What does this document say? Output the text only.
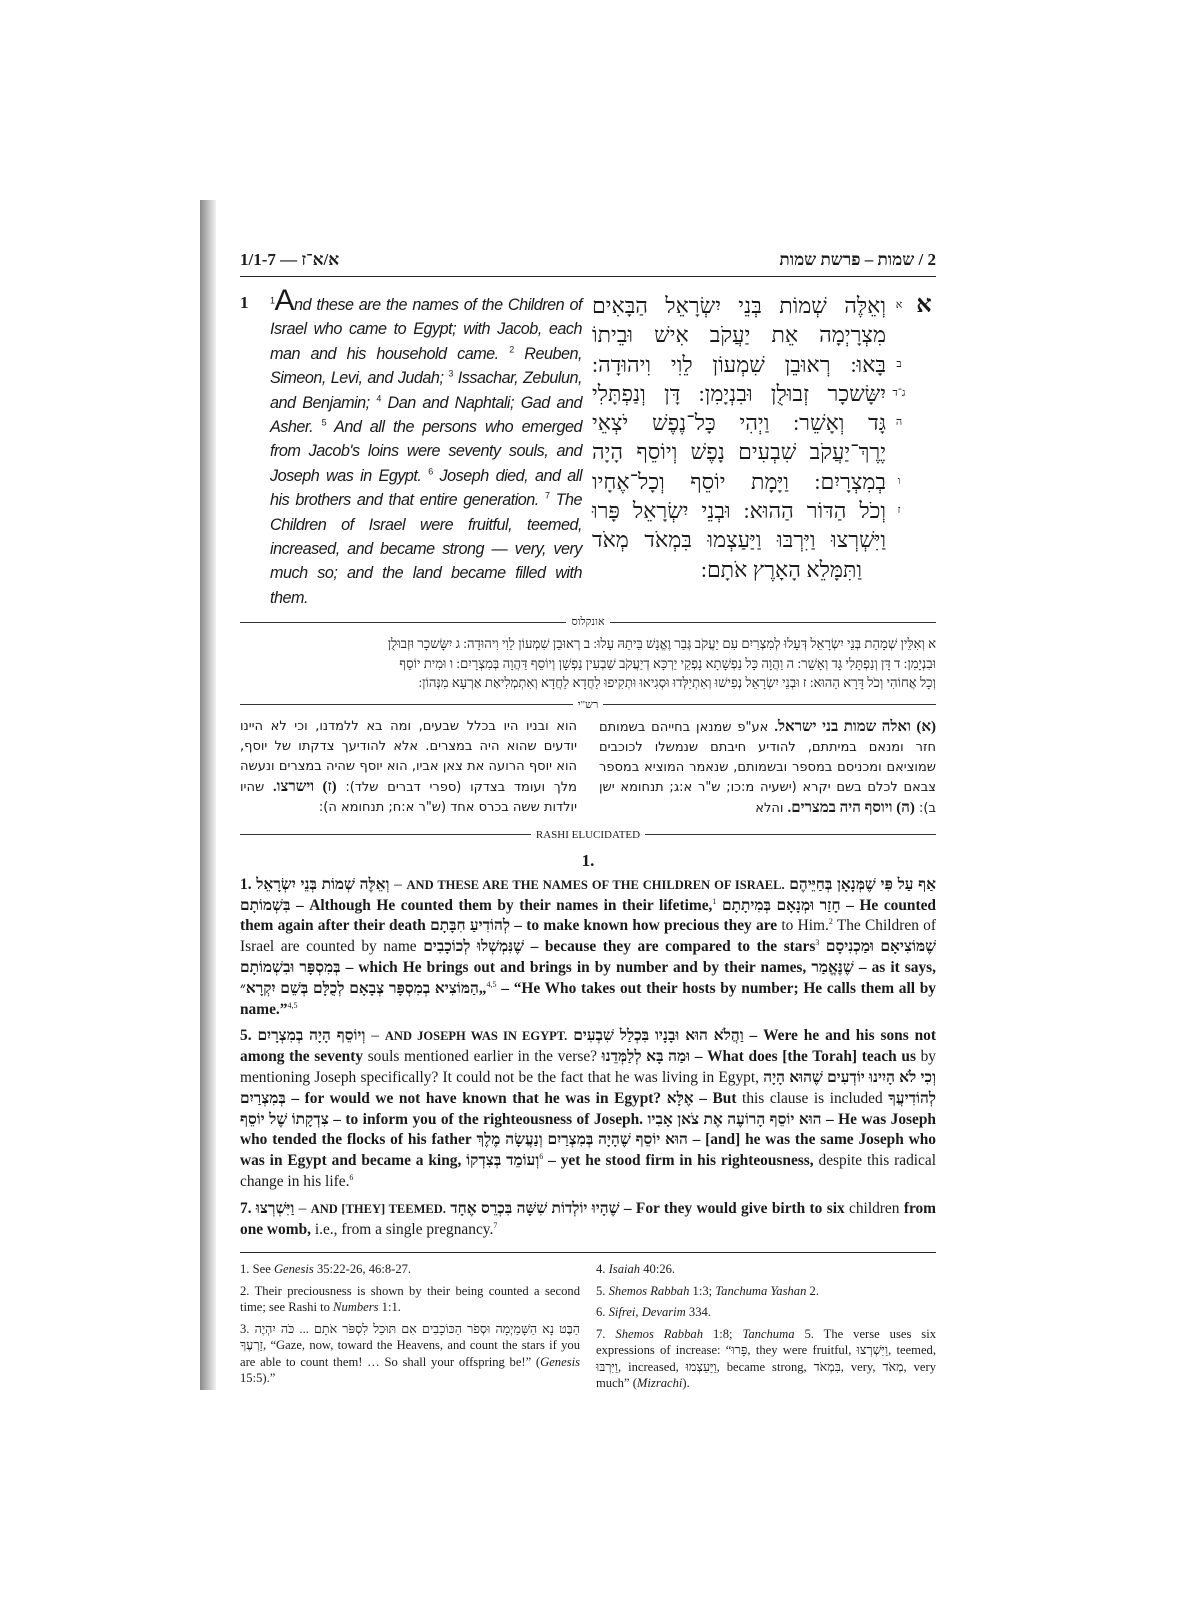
1/1-7 — א/א־ז	2 / שמות – פרשת שמות
1	$^1$And these are the names of the Children of Israel who came to Egypt; with Jacob, each man and his household came. $^2$ Reuben, Simeon, Levi, and Judah; $^3$ Issachar, Zebulun, and Benjamin; $^4$ Dan and Naphtali; Gad and Asher. $^5$ And all the persons who emerged from Jacob's loins were seventy souls, and Joseph was in Egypt. $^6$ Joseph died, and all his brothers and that entire generation. $^7$ The Children of Israel were fruitful, teemed, increased, and became strong — very, very much so; and the land became filled with them.
א
א
וְאֵלֶּה שְׁמוֹת בְּנֵי יִשְׂרָאֵל הַבָּאִים
מִצְרָיְמָה אֵת יַעֲקֹב אִישׁ וּבֵיתוֹ
ב
בָּאוּ: רְאוּבֵן שִׁמְעוֹן לֵוִי וִיהוּדָה:
ג־ד
יִשָּׂשכָר זְבוּלֻן וּבִנְיָמִן: דָּן וְנַפְתָּלִי
ה
גָּד וְאָשֵׁר: וַיְהִי כָּל־נֶפֶשׁ יֹצְאֵי
יֶרֶךְ־יַעֲקֹב שִׁבְעִים נָפֶשׁ וְיוֹסֵף הָיָה
ו
בְמִצְרָיִם: וַיָּמָת יוֹסֵף וְכָל־אֶחָיו
ז
וְכֹל הַדּוֹר הַהוּא: וּבְנֵי יִשְׂרָאֵל פָּרוּ
וַיִּשְׁרְצוּ וַיִּרְבּוּ וַיַּעַצְמוּ בִּמְאֹד מְאֹד
וַתִּמָּלֵא הָאָרֶץ אֹתָם:
אונקלוס
א וְאִלֵּין שְׁמָהַת בְּנֵי יִשְׂרָאֵל דְּעָלוּ לְמִצְרַיִם עִם יַעֲקֹב גְּבַר וֶאֱנָשׁ בֵּיתֵהּ עָלוּ: ב רְאוּבֵן שִׁמְעוֹן לֵוִי וִיהוּדָה: ג יִשָּׂשכָר וּזְבוּלֻן
וּבִנְיָמִן: ד דָּן וְנַפְתָּלִי גָּד וְאָשֵׁר: ה וַהֲוָה כָּל נַפְשָׁתָא נָפְקֵי יַרְכָּא דְיַעֲקֹב שַׁבְעִין נַפְשָׁן וְיוֹסֵף דַּהֲוָה בְּמִצְרָיִם: ו וּמִית יוֹסֵף
וְכָל אֲחוֹהִי וְכֹל דָּרָא הַהוּא: ז וּבְנֵי יִשְׂרָאֵל נְפִישׁוּ וְאִתְיַלְּדוּ וּסְגִיאוּ וּתְקִיפוּ לַחֲדָא לַחֲדָא וְאִתְמְלִיאַת אַרְעָא מִנְּהוֹן:
רש"י

(א) ואלה שמות בני ישראל. אע"פ שמנאן בחייהם בשמותם חזר ומנאם במיתתם, להודיע חיבתם שנמשלו לכוכבים שמוציאם ומכניסם במספר ובשמותם, שנאמר המוציא במספר צבאם לכלם בשם יקרא (ישעיה מ:כו; ש"ר א:ג; תנחומא ישן ב): (ה) ויוסף היה במצרים. והלא

הוא ובניו היו בכלל שבעים, ומה בא ללמדנו, וכי לא היינו יודעים שהוא היה במצרים. אלא להודיעך צדקתו של יוסף, הוא יוסף הרועה את צאן אביו, הוא יוסף שהיה במצרים ונעשה מלך ועומד בצדקו (ספרי דברים שלד): (ז) וישרצו. שהיו יולדות ששה בכרס אחד (ש"ר א:ח; תנחומא ה):

RASHI ELUCIDATED
1.

1. וְאֵלֶּה שְׁמוֹת בְּנֵי יִשְׂרָאֵל – AND THESE ARE THE NAMES OF THE CHILDREN OF ISRAEL. אַף עַל פִּי שֶׁמְּנָאָן בְּחַיֵּיהֶם בִּשְׁמוֹתָם – Although He counted them by their names in their lifetime,$^1$ חָזַר וּמְנָאָם בְּמִיתָתָם – He counted them again after their death לְהוֹדִיעַ חִבָּתָם – to make known how precious they are to Him.$^2$ The Children of Israel are counted by name שֶׁנִּמְשְׁלוּ לְכוֹכָבִים – because they are compared to the stars$^3$ שֶׁמּוֹצִיאָם וּמַכְנִיסָם בְּמִסְפָּר וּבִשְׁמוֹתָם – which He brings out and brings in by number and by their names, שֶׁנֶּאֱמַר – as it says, „הַמּוֹצִיא בְמִסְפָּר צְבָאָם לְכֻלָּם בְּשֵׁם יִקְרָא״$^{4,5}$ – “He Who takes out their hosts by number; He calls them all by name.”$^{4,5}$

5. וְיוֹסֵף הָיָה בְמִצְרָיִם – AND JOSEPH WAS IN EGYPT. וַהֲלֹא הוּא וּבָנָיו בִּכְלַל שִׁבְעִים – Were he and his sons not among the seventy souls mentioned earlier in the verse? וּמַה בָּא לְלַמְּדֵנוּ – What does [the Torah] teach us by mentioning Joseph specifically? It could not be the fact that he was living in Egypt, וְכִי לֹא הָיִינוּ יוֹדְעִים שֶׁהוּא הָיָה בְּמִצְרַיִם – for would we not have known that he was in Egypt? אֶלָּא – But this clause is included לְהוֹדִיעֲךָ צִדְקָתוֹ שֶׁל יוֹסֵף – to inform you of the righteousness of Joseph. הוּא יוֹסֵף הָרוֹעֶה אֶת צֹאן אָבִיו – He was Joseph who tended the flocks of his father הוּא יוֹסֵף שֶׁהָיָה בְּמִצְרַיִם וְנַעֲשָׂה מֶלֶךְ – [and] he was the same Joseph who was in Egypt and became a king, וְעוֹמֵד בְּצִדְקוֹ$^6$ – yet he stood firm in his righteousness, despite this radical change in his life.$^6$

7. וַיִּשְׁרְצוּ – AND [THEY] TEEMED. שֶׁהָיוּ יוֹלְדוֹת שִׁשָּׁה בִּכְרֵס אֶחָד – For they would give birth to six children from one womb, i.e., from a single pregnancy.$^7$

1. See Genesis 35:22-26, 46:8-27.

2. Their preciousness is shown by their being counted a second time; see Rashi to Numbers 1:1.

3. הַבֶּט נָא הַשָּׁמַיְמָה וּסְפֹר הַכּוֹכָבִים אִם תּוּכַל לִסְפֹּר אֹתָם ... כֹּה יִהְיֶה זַרְעֶךָ, “Gaze, now, toward the Heavens, and count the stars if you are able to count them! … So shall your offspring be!” (Genesis 15:5).”

4. Isaiah 40:26.

5. Shemos Rabbah 1:3; Tanchuma Yashan 2.

6. Sifrei, Devarim 334.

7. Shemos Rabbah 1:8; Tanchuma 5. The verse uses six expressions of increase: “פָּרוּ, they were fruitful, וַיִּשְׁרְצוּ, teemed, וַיִּרְבּוּ, increased, וַיַּעַצְמוּ, became strong, בִּמְאֹד, very, מְאֹד, very much” (Mizrachi).
